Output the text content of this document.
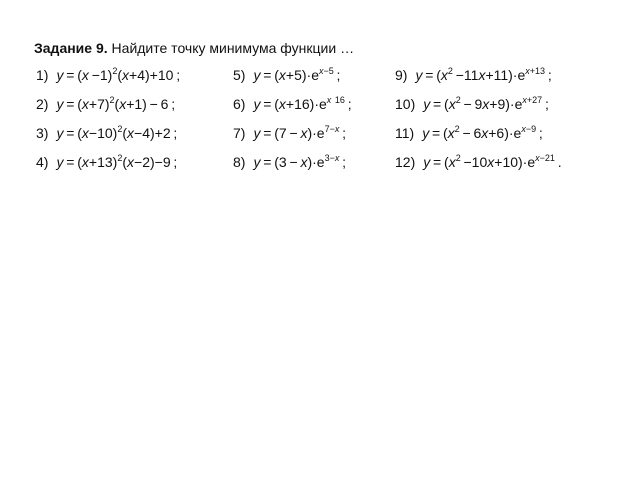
Задание 9. Найдите точку минимума функции …
1) $y = (x -1)^2(x+4)+10$ ;
2) $y = (x+7)^2(x+1) - 6$ ;
3) $y = (x-10)^2(x-4)+2$ ;
4) $y = (x+13)^2(x-2)-9$ ;
5) $y = (x+5)\cdot e^{x-5}$ ;
6) $y = (x+16)\cdot e^{x 16}$ ;
7) $y = (7 - x)\cdot e^{7-x}$ ;
8) $y = (3 - x)\cdot e^{3-x}$ ;
9) $y = (x^2 -11x+11)\cdot e^{x+13}$ ;
10) $y = (x^2 - 9x+9)\cdot e^{x+27}$ ;
11) $y = (x^2 - 6x+6)\cdot e^{x-9}$ ;
12) $y = (x^2 -10x+10)\cdot e^{x-21}$ .
